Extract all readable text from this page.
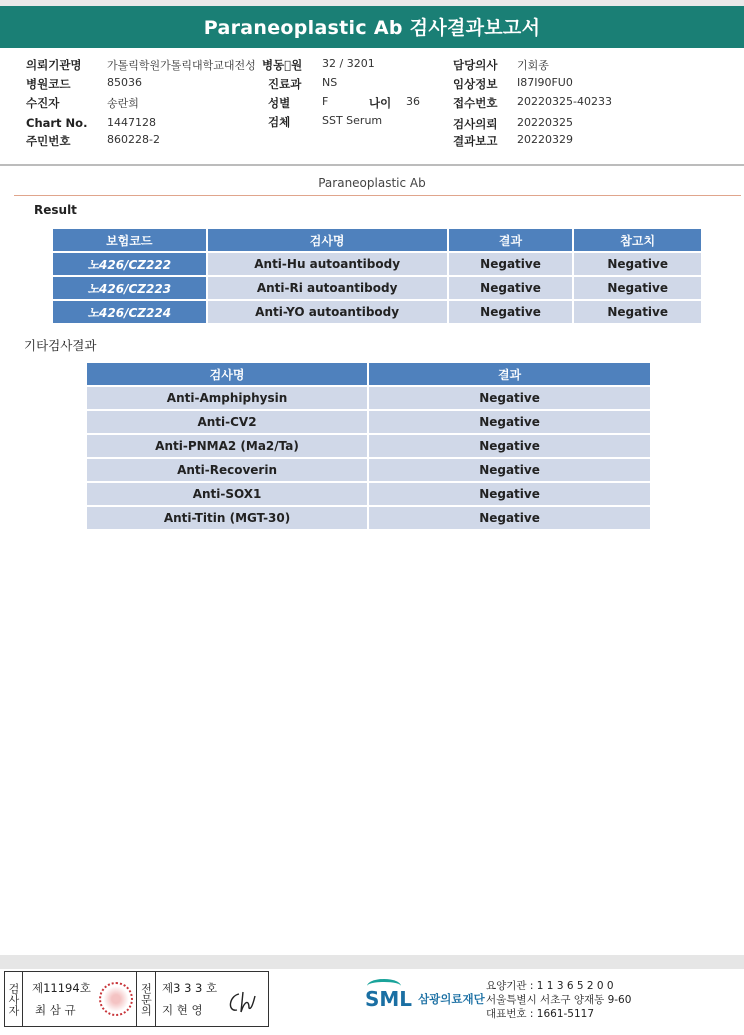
Paraneoplastic Ab 검사결과보고서
의뢰기관명 가톨릭학원가톨릭대학교대전성
병원코드	85036
수진자	송란희
Chart No. 1447128
주민번호	860228-2
병동 원 32 / 3201
진료과 NS
성별	F	나이 36
검체	SST Serum
담당의사 기회종
임상정보 I87I90FU0
접수번호 20220325-40233
검사의뢰 20220325
결과보고 20220329
Paraneoplastic Ab
Result
보험코드	검사명	결과	참고치
노426/CZ222	Anti-Hu autoantibody	Negative	Negative
노426/CZ223	Anti-Ri autoantibody	Negative	Negative
노426/CZ224	Anti-YO autoantibody	Negative	Negative
기타검사결과
검사명	결과
Anti-Amphiphysin	Negative
Anti-CV2	Negative
Anti-PNMA2 (Ma2/Ta)	Negative
Anti-Recoverin	Negative
Anti-SOX1	Negative
Anti-Titin (MGT-30)	Negative
검사자 제11194호
최 삼 규	전문의 제3 3 3 호
지 현 영	SML 삼광의료재단
요양기관 : 1 1 3 6 5 2 0 0
서울특별시 서초구 양재동 9-60
대표번호 : 1661-5117
